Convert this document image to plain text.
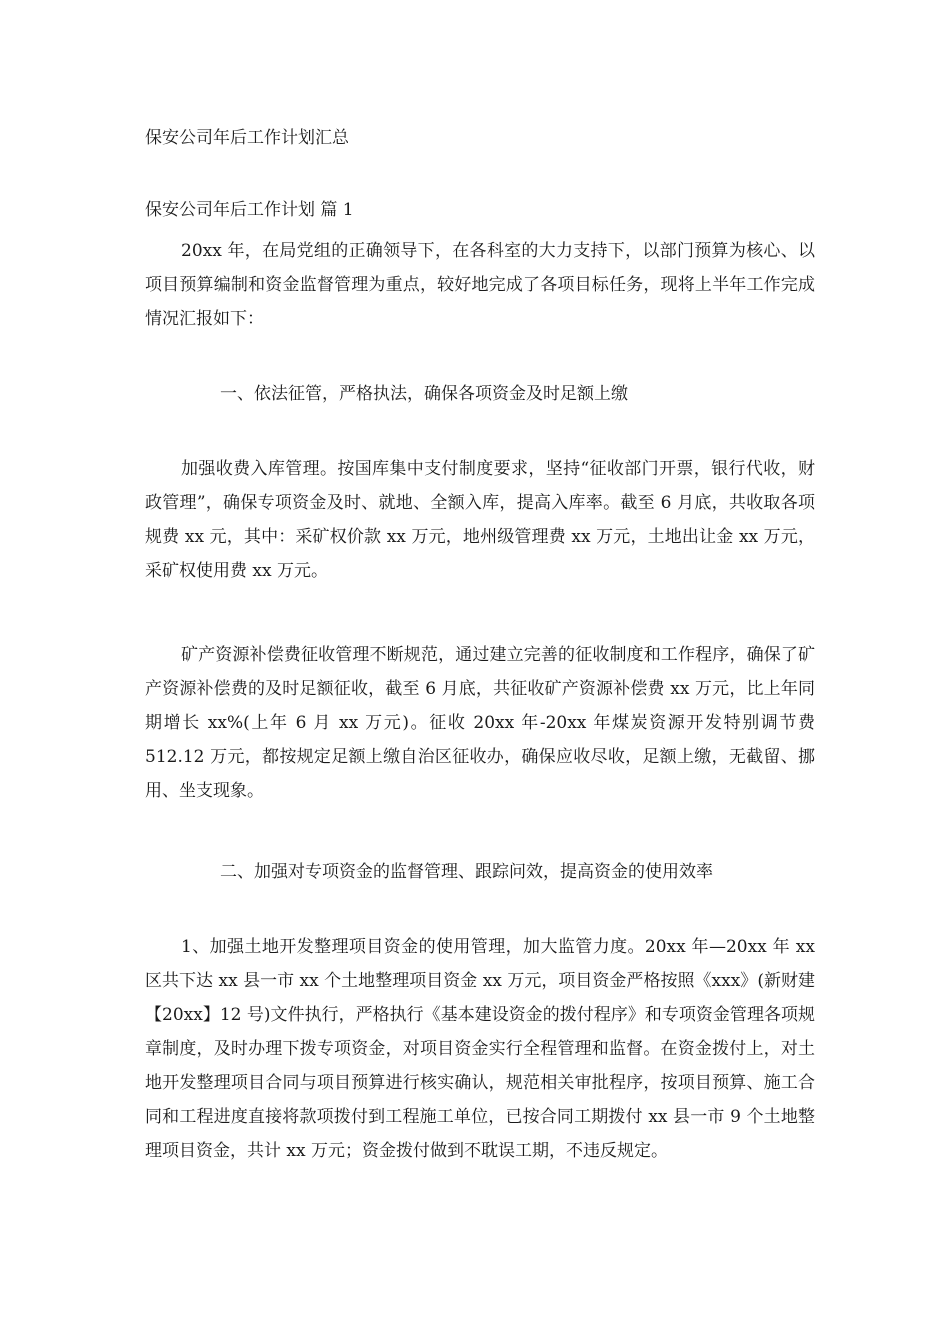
保安公司年后工作计划汇总
保安公司年后工作计划 篇 1

20xx 年，在局党组的正确领导下，在各科室的大力支持下，以部门预算为核心、以项目预算编制和资金监督管理为重点，较好地完成了各项目标任务，现将上半年工作完成情况汇报如下：

一、依法征管，严格执法，确保各项资金及时足额上缴

加强收费入库管理。按国库集中支付制度要求，坚持“征收部门开票，银行代收，财政管理”，确保专项资金及时、就地、全额入库，提高入库率。截至 6 月底，共收取各项规费 xx 元，其中：采矿权价款 xx 万元，地州级管理费 xx 万元，土地出让金 xx 万元，采矿权使用费 xx 万元。

矿产资源补偿费征收管理不断规范，通过建立完善的征收制度和工作程序，确保了矿产资源补偿费的及时足额征收，截至 6 月底，共征收矿产资源补偿费 xx 万元，比上年同期增长 xx%(上年 6 月 xx 万元)。征收 20xx 年-20xx 年煤炭资源开发特别调节费 512.12 万元，都按规定足额上缴自治区征收办，确保应收尽收，足额上缴，无截留、挪用、坐支现象。

二、加强对专项资金的监督管理、跟踪问效，提高资金的使用效率

1、加强土地开发整理项目资金的使用管理，加大监管力度。20xx 年—20xx 年 xx 区共下达 xx 县一市 xx 个土地整理项目资金 xx 万元，项目资金严格按照《xxx》(新财建【20xx】12 号)文件执行，严格执行《基本建设资金的拨付程序》和专项资金管理各项规章制度，及时办理下拨专项资金，对项目资金实行全程管理和监督。在资金拨付上，对土地开发整理项目合同与项目预算进行核实确认，规范相关审批程序，按项目预算、施工合同和工程进度直接将款项拨付到工程施工单位，已按合同工期拨付 xx 县一市 9 个土地整理项目资金，共计 xx 万元；资金拨付做到不耽误工期，不违反规定。
